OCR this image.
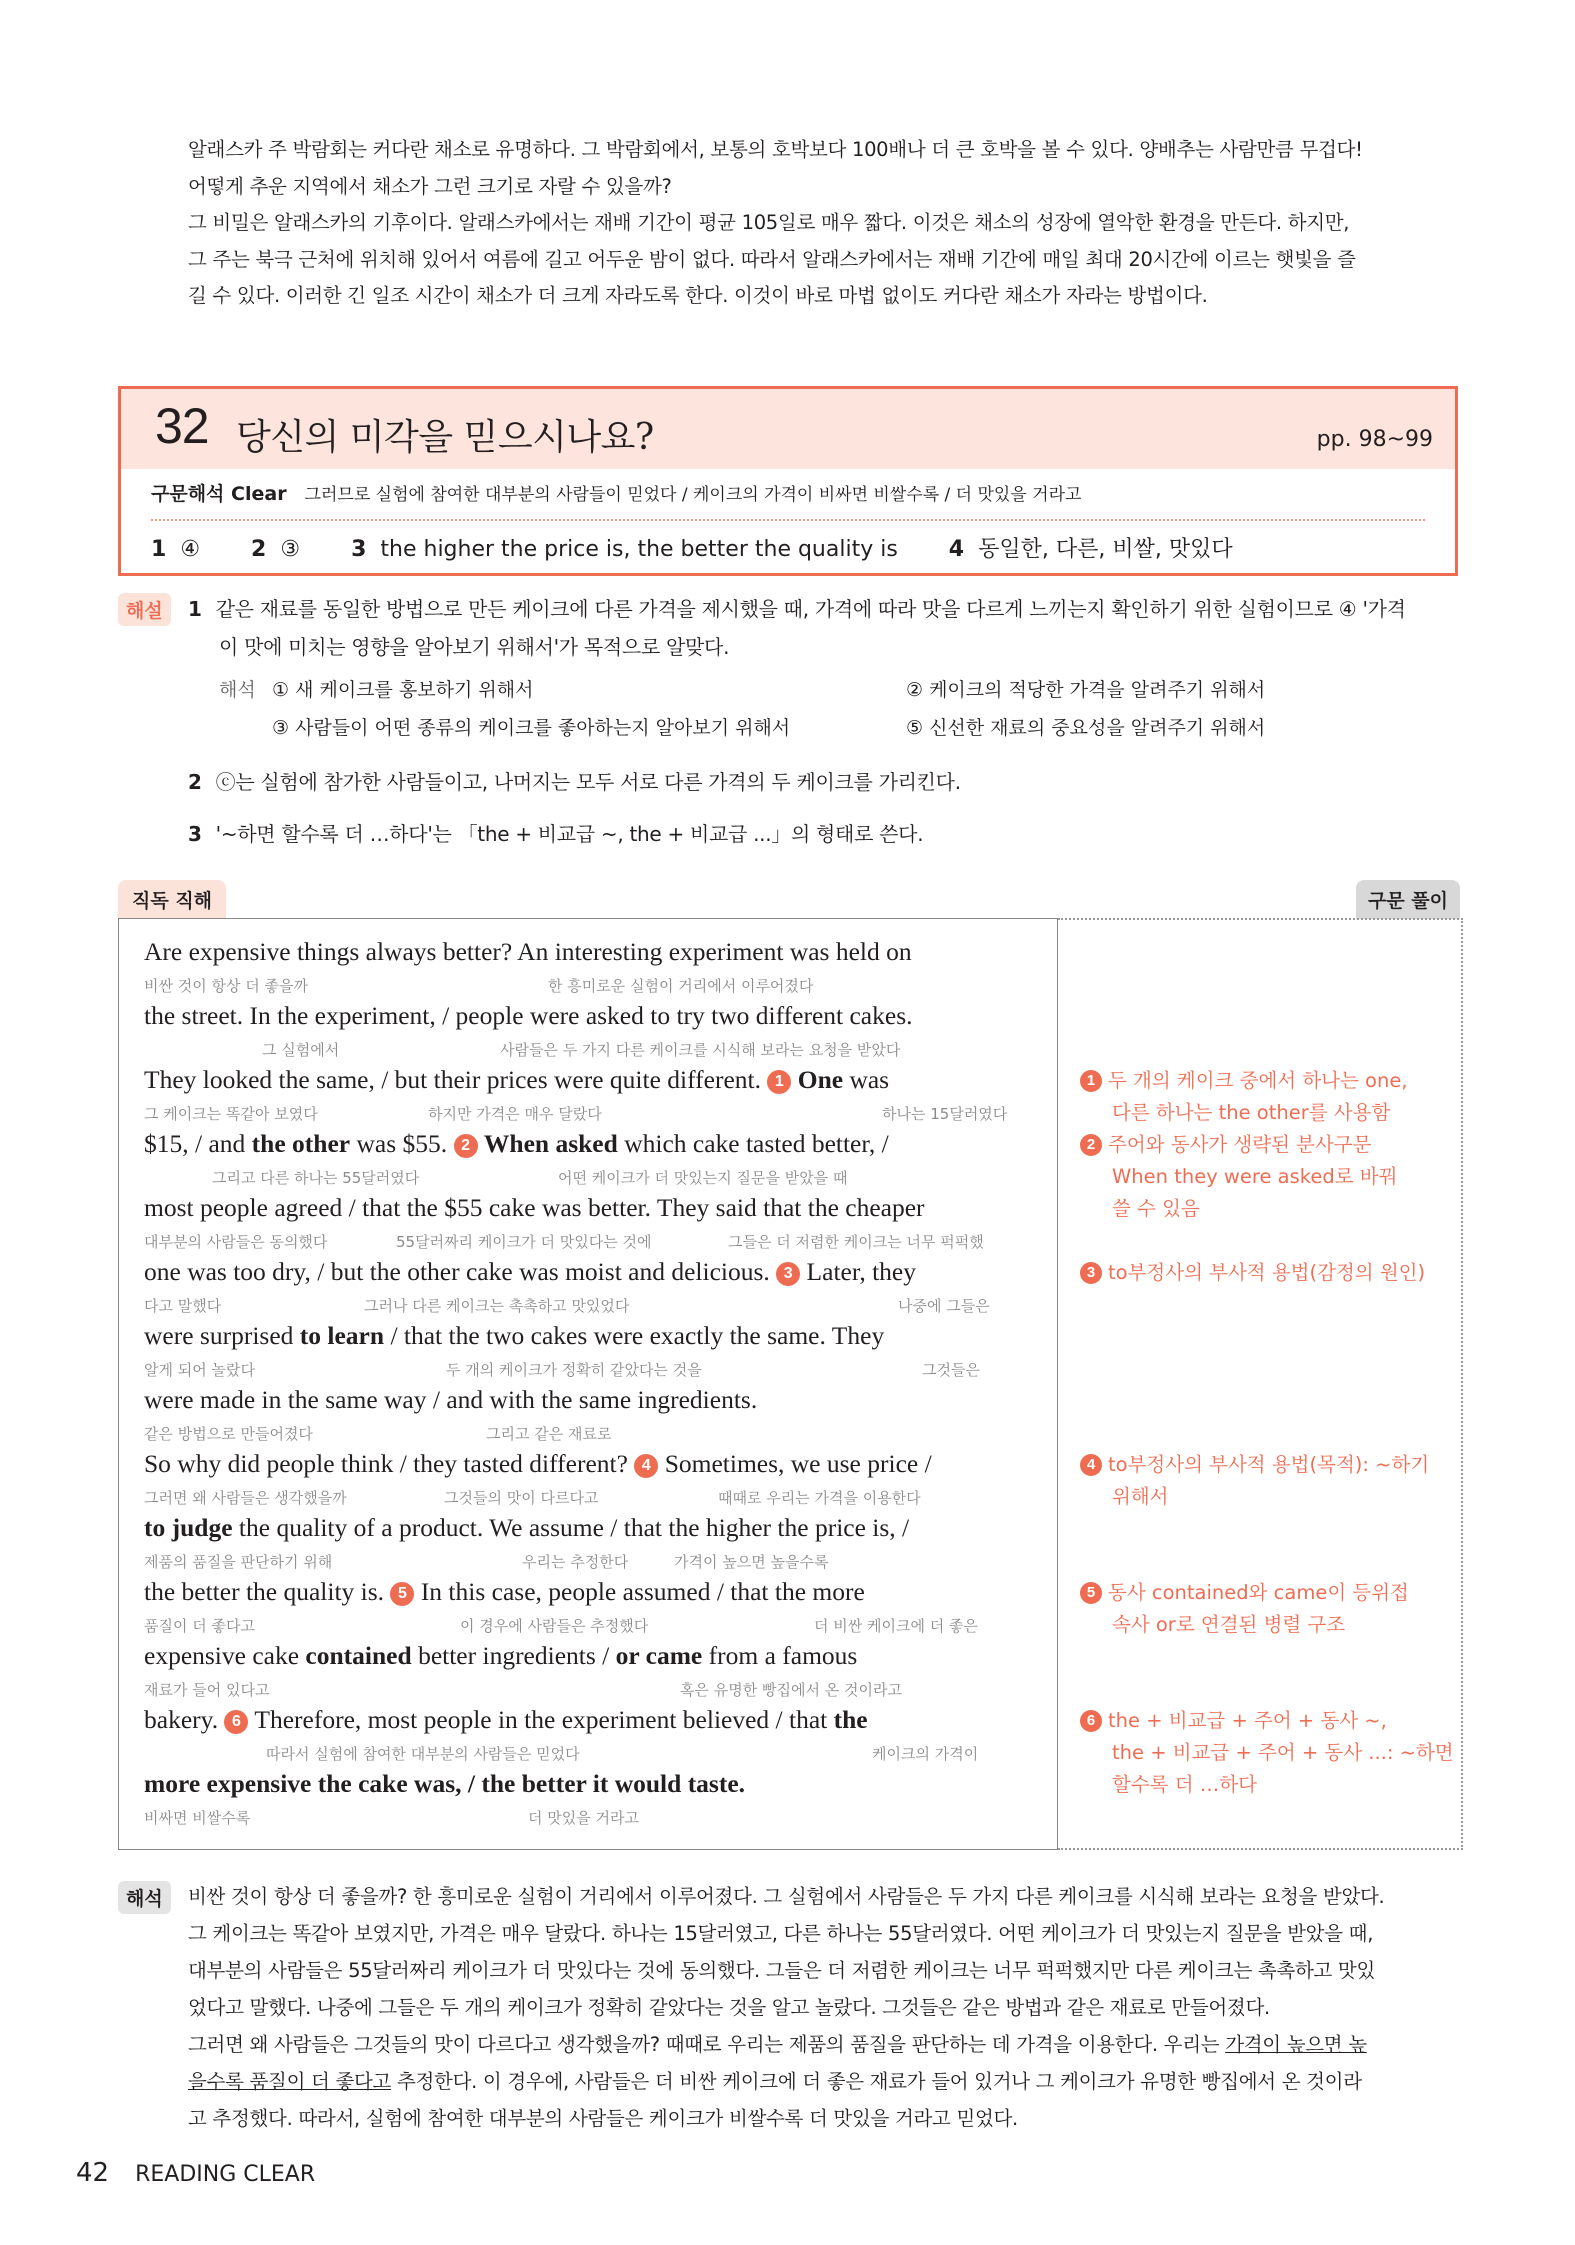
알래스카 주 박람회는 커다란 채소로 유명하다. 그 박람회에서, 보통의 호박보다 100배나 더 큰 호박을 볼 수 있다. 양배추는 사람만큼 무겁다!

어떻게 추운 지역에서 채소가 그런 크기로 자랄 수 있을까?

그 비밀은 알래스카의 기후이다. 알래스카에서는 재배 기간이 평균 105일로 매우 짧다. 이것은 채소의 성장에 열악한 환경을 만든다. 하지만,

그 주는 북극 근처에 위치해 있어서 여름에 길고 어두운 밤이 없다. 따라서 알래스카에서는 재배 기간에 매일 최대 20시간에 이르는 햇빛을 즐

길 수 있다. 이러한 긴 일조 시간이 채소가 더 크게 자라도록 한다. 이것이 바로 마법 없이도 커다란 채소가 자라는 방법이다.

32 당신의 미각을 믿으시나요?	pp. 98~99
구문해석 Clear 그러므로 실험에 참여한 대부분의 사람들이 믿었다 / 케이크의 가격이 비싸면 비쌀수록 / 더 맛있을 거라고
1 ④ 2 ③ 3 the higher the price is, the better the quality is 4 동일한, 다른, 비쌀, 맛있다
해설	1 같은 재료를 동일한 방법으로 만든 케이크에 다른 가격을 제시했을 때, 가격에 따라 맛을 다르게 느끼는지 확인하기 위한 실험이므로 ④ '가격
이 맛에 미치는 영향을 알아보기 위해서'가 목적으로 알맞다.
해석 ① 새 케이크를 홍보하기 위해서	② 케이크의 적당한 가격을 알려주기 위해서
③ 사람들이 어떤 종류의 케이크를 좋아하는지 알아보기 위해서	⑤ 신선한 재료의 중요성을 알려주기 위해서
2 ⓒ는 실험에 참가한 사람들이고, 나머지는 모두 서로 다른 가격의 두 케이크를 가리킨다.
3 '~하면 할수록 더 …하다'는 「the + 비교급 ~, the + 비교급 ...」의 형태로 쓴다.
직독 직해	구문 풀이
Are expensive things always better? An interesting experiment was held on
비싼 것이 항상 더 좋을까	한 흥미로운 실험이 거리에서 이루어졌다
the street. In the experiment, / people were asked to try two different cakes.
그 실험에서	사람들은 두 가지 다른 케이크를 시식해 보라는 요청을 받았다
They looked the same, / but their prices were quite different. 1 One was
그 케이크는 똑같아 보였다	하지만 가격은 매우 달랐다	하나는 15달러였다
$15, / and the other was $55. 2 When asked which cake tasted better, /
그리고 다른 하나는 55달러였다	어떤 케이크가 더 맛있는지 질문을 받았을 때
most people agreed / that the $55 cake was better. They said that the cheaper
대부분의 사람들은 동의했다	55달러짜리 케이크가 더 맛있다는 것에	그들은 더 저렴한 케이크는 너무 퍽퍽했
one was too dry, / but the other cake was moist and delicious. 3 Later, they
다고 말했다	그러나 다른 케이크는 촉촉하고 맛있었다	나중에 그들은
were surprised to learn / that the two cakes were exactly the same. They
알게 되어 놀랐다	두 개의 케이크가 정확히 같았다는 것을	그것들은
were made in the same way / and with the same ingredients.
같은 방법으로 만들어졌다	그리고 같은 재료로
So why did people think / they tasted different? 4 Sometimes, we use price /
그러면 왜 사람들은 생각했을까	그것들의 맛이 다르다고	때때로 우리는 가격을 이용한다
to judge the quality of a product. We assume / that the higher the price is, /
제품의 품질을 판단하기 위해	우리는 추정한다	가격이 높으면 높을수록
the better the quality is. 5 In this case, people assumed / that the more
품질이 더 좋다고	이 경우에 사람들은 추정했다	더 비싼 케이크에 더 좋은
expensive cake contained better ingredients / or came from a famous
재료가 들어 있다고	혹은 유명한 빵집에서 온 것이라고
bakery. 6 Therefore, most people in the experiment believed / that the
따라서 실험에 참여한 대부분의 사람들은 믿었다	케이크의 가격이
more expensive the cake was, / the better it would taste.
비싸면 비쌀수록	더 맛있을 거라고
1 두 개의 케이크 중에서 하나는 one,
다른 하나는 the other를 사용함
2 주어와 동사가 생략된 분사구문
When they were asked로 바꿔
쓸 수 있음
3 to부정사의 부사적 용법(감정의 원인)
4 to부정사의 부사적 용법(목적): ~하기
위해서
5 동사 contained와 came이 등위접
속사 or로 연결된 병렬 구조
6 the + 비교급 + 주어 + 동사 ~,
the + 비교급 + 주어 + 동사 ...: ~하면
할수록 더 …하다
해석	비싼 것이 항상 더 좋을까? 한 흥미로운 실험이 거리에서 이루어졌다. 그 실험에서 사람들은 두 가지 다른 케이크를 시식해 보라는 요청을 받았다.

그 케이크는 똑같아 보였지만, 가격은 매우 달랐다. 하나는 15달러였고, 다른 하나는 55달러였다. 어떤 케이크가 더 맛있는지 질문을 받았을 때,

대부분의 사람들은 55달러짜리 케이크가 더 맛있다는 것에 동의했다. 그들은 더 저렴한 케이크는 너무 퍽퍽했지만 다른 케이크는 촉촉하고 맛있

었다고 말했다. 나중에 그들은 두 개의 케이크가 정확히 같았다는 것을 알고 놀랐다. 그것들은 같은 방법과 같은 재료로 만들어졌다.

그러면 왜 사람들은 그것들의 맛이 다르다고 생각했을까? 때때로 우리는 제품의 품질을 판단하는 데 가격을 이용한다. 우리는 가격이 높으면 높

을수록 품질이 더 좋다고 추정한다. 이 경우에, 사람들은 더 비싼 케이크에 더 좋은 재료가 들어 있거나 그 케이크가 유명한 빵집에서 온 것이라

고 추정했다. 따라서, 실험에 참여한 대부분의 사람들은 케이크가 비쌀수록 더 맛있을 거라고 믿었다.

42 READING CLEAR
